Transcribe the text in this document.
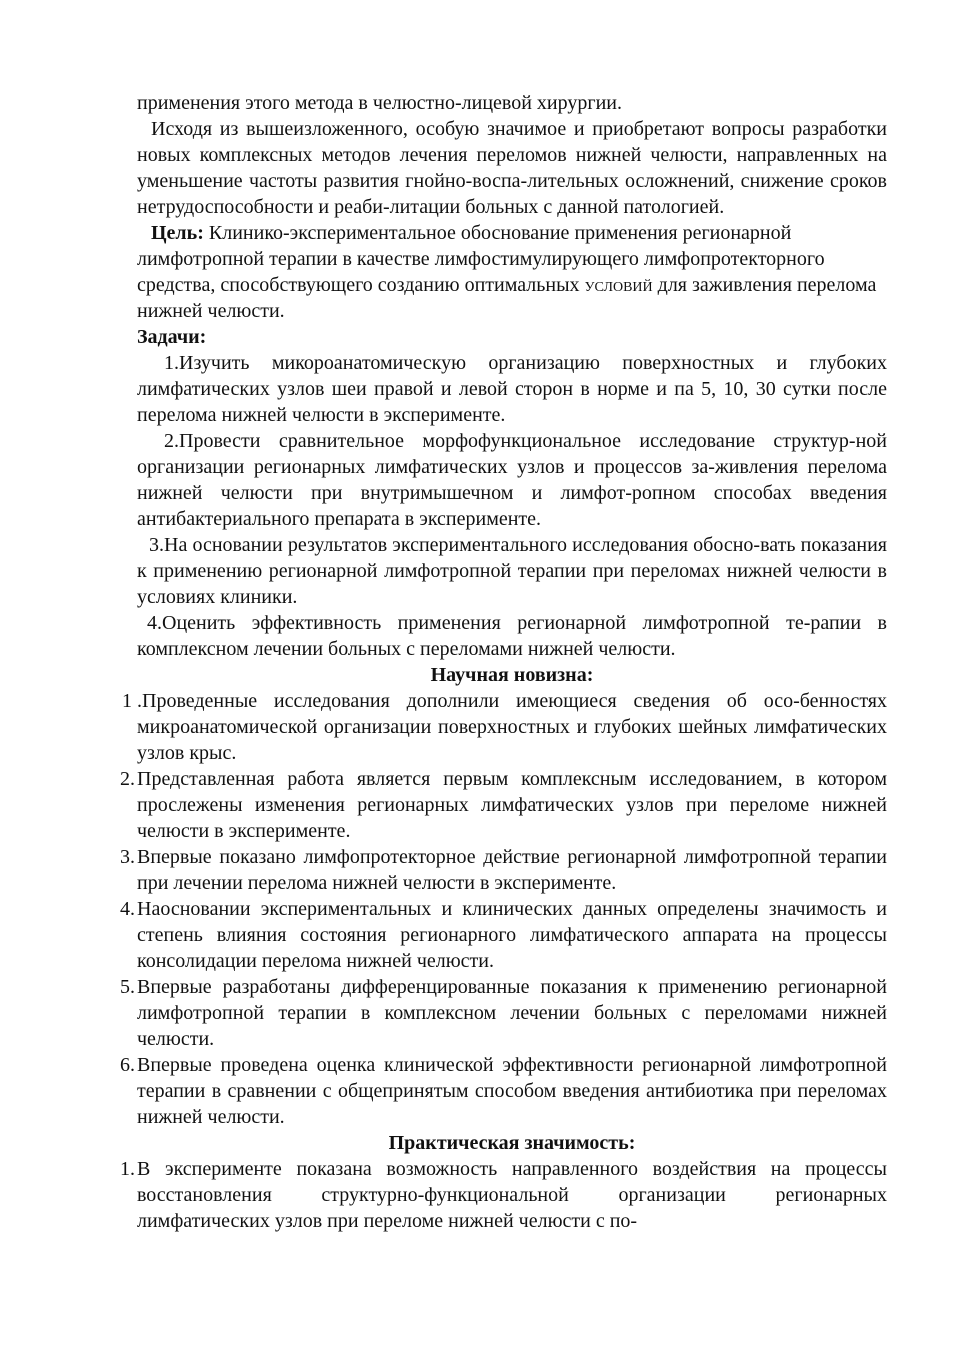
применения этого метода в челюстно-лицевой хирургии.

Исходя из вышеизложенного, особую значимое и приобретают вопросы разработки новых комплексных методов лечения переломов нижней челюсти, направленных на уменьшение частоты развития гнойно-воспа-лительных осложнений, снижение сроков нетрудоспособности и реаби-литации больных с данной патологией.

Цель: Клинико-экспериментальное обоснование применения регионарной лимфотропной терапии в качестве лимфостимулирующего лимфопротекторного средства, способствующего созданию оптимальных условий для заживления перелома нижней челюсти.

Задачи:

1.Изучить микороанатомическую организацию поверхностных и глубоких лимфатических узлов шеи правой и левой сторон в норме и па 5, 10, 30 сутки после перелома нижней челюсти в эксперименте.

2.Провести сравнительное морфофункциональное исследование структур-ной организации регионарных лимфатических узлов и процессов за-живления перелома нижней челюсти при внутримышечном и лимфот-ропном способах введения антибактериального препарата в эксперименте.

3.На основании результатов экспериментального исследования обосно-вать показания к применению регионарной лимфотропной терапии при переломах нижней челюсти в условиях клиники.

4.Оценить эффективность применения регионарной лимфотропной те-рапии в комплексном лечении больных с переломами нижней челюсти.

Научная новизна:

1 .Проведенные исследования дополнили имеющиеся сведения об осо-бенностях микроанатомической организации поверхностных и глубоких шейных лимфатических узлов крыс.

2. Представленная работа является первым комплексным исследованием, в котором прослежены изменения регионарных лимфатических узлов при переломе нижней челюсти в эксперименте.

3. Впервые показано лимфопротекторное действие регионарной лимфотропной терапии при лечении перелома нижней челюсти в эксперименте.

4. Наосновании экспериментальных и клинических данных определены значимость и степень влияния состояния регионарного лимфатического аппарата на процессы консолидации перелома нижней челюсти.

5. Впервые разработаны дифференцированные показания к применению регионарной лимфотропной терапии в комплексном лечении больных с переломами нижней челюсти.

6. Впервые проведена оценка клинической эффективности регионарной лимфотропной терапии в сравнении с общепринятым способом введения антибиотика при переломах нижней челюсти.

Практическая значимость:

1. В эксперименте показана возможность направленного воздействия на процессы восстановления структурно-функциональной организации регионарных лимфатических узлов при переломе нижней челюсти с по-
